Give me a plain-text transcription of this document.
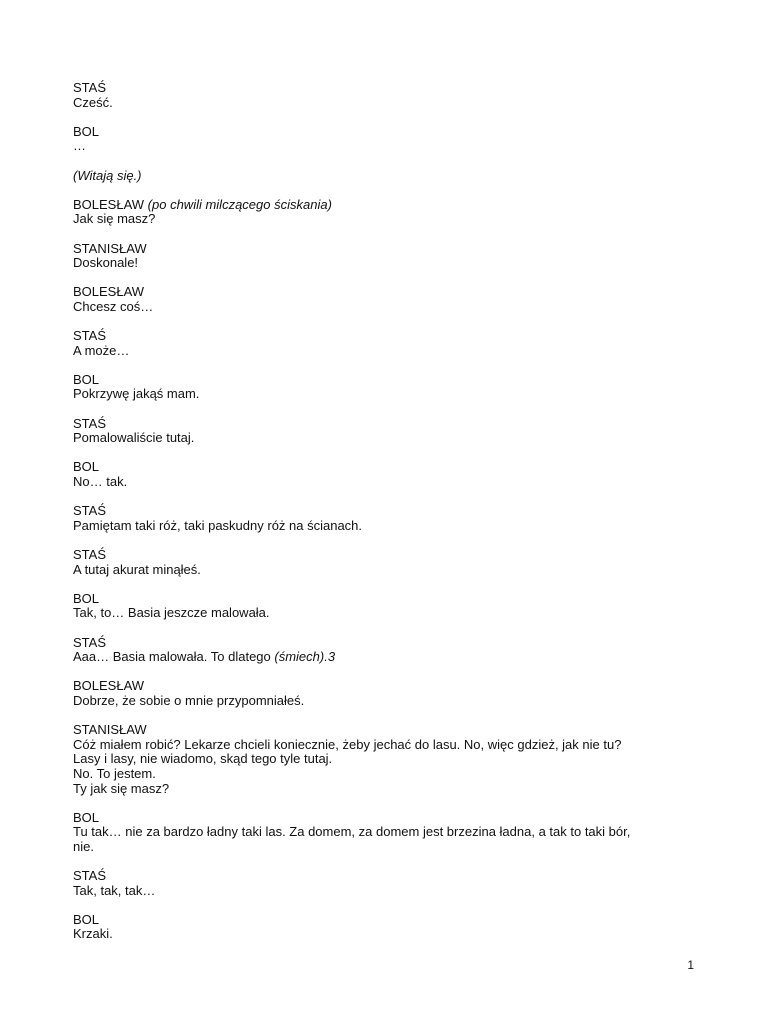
STAŚ
Cześć.
BOL
…
(Witają się.)
BOLESŁAW (po chwili milczącego ściskania)
Jak się masz?
STANISŁAW
Doskonale!
BOLESŁAW
Chcesz coś…
STAŚ
A może…
BOL
Pokrzywę jakąś mam.
STAŚ
Pomalowaliście tutaj.
BOL
No… tak.
STAŚ
Pamiętam taki róż, taki paskudny róż na ścianach.
STAŚ
A tutaj akurat minąłeś.
BOL
Tak, to… Basia jeszcze malowała.
STAŚ
Aaa… Basia malowała. To dlatego (śmiech).3
BOLESŁAW
Dobrze, że sobie o mnie przypomniałeś.
STANISŁAW
Cóż miałem robić? Lekarze chcieli koniecznie, żeby jechać do lasu. No, więc gdzież, jak nie tu?
Lasy i lasy, nie wiadomo, skąd tego tyle tutaj.
No. To jestem.
Ty jak się masz?
BOL
Tu tak… nie za bardzo ładny taki las. Za domem, za domem jest brzezina ładna, a tak to taki bór,
nie.
STAŚ
Tak, tak, tak…
BOL
Krzaki.
1
